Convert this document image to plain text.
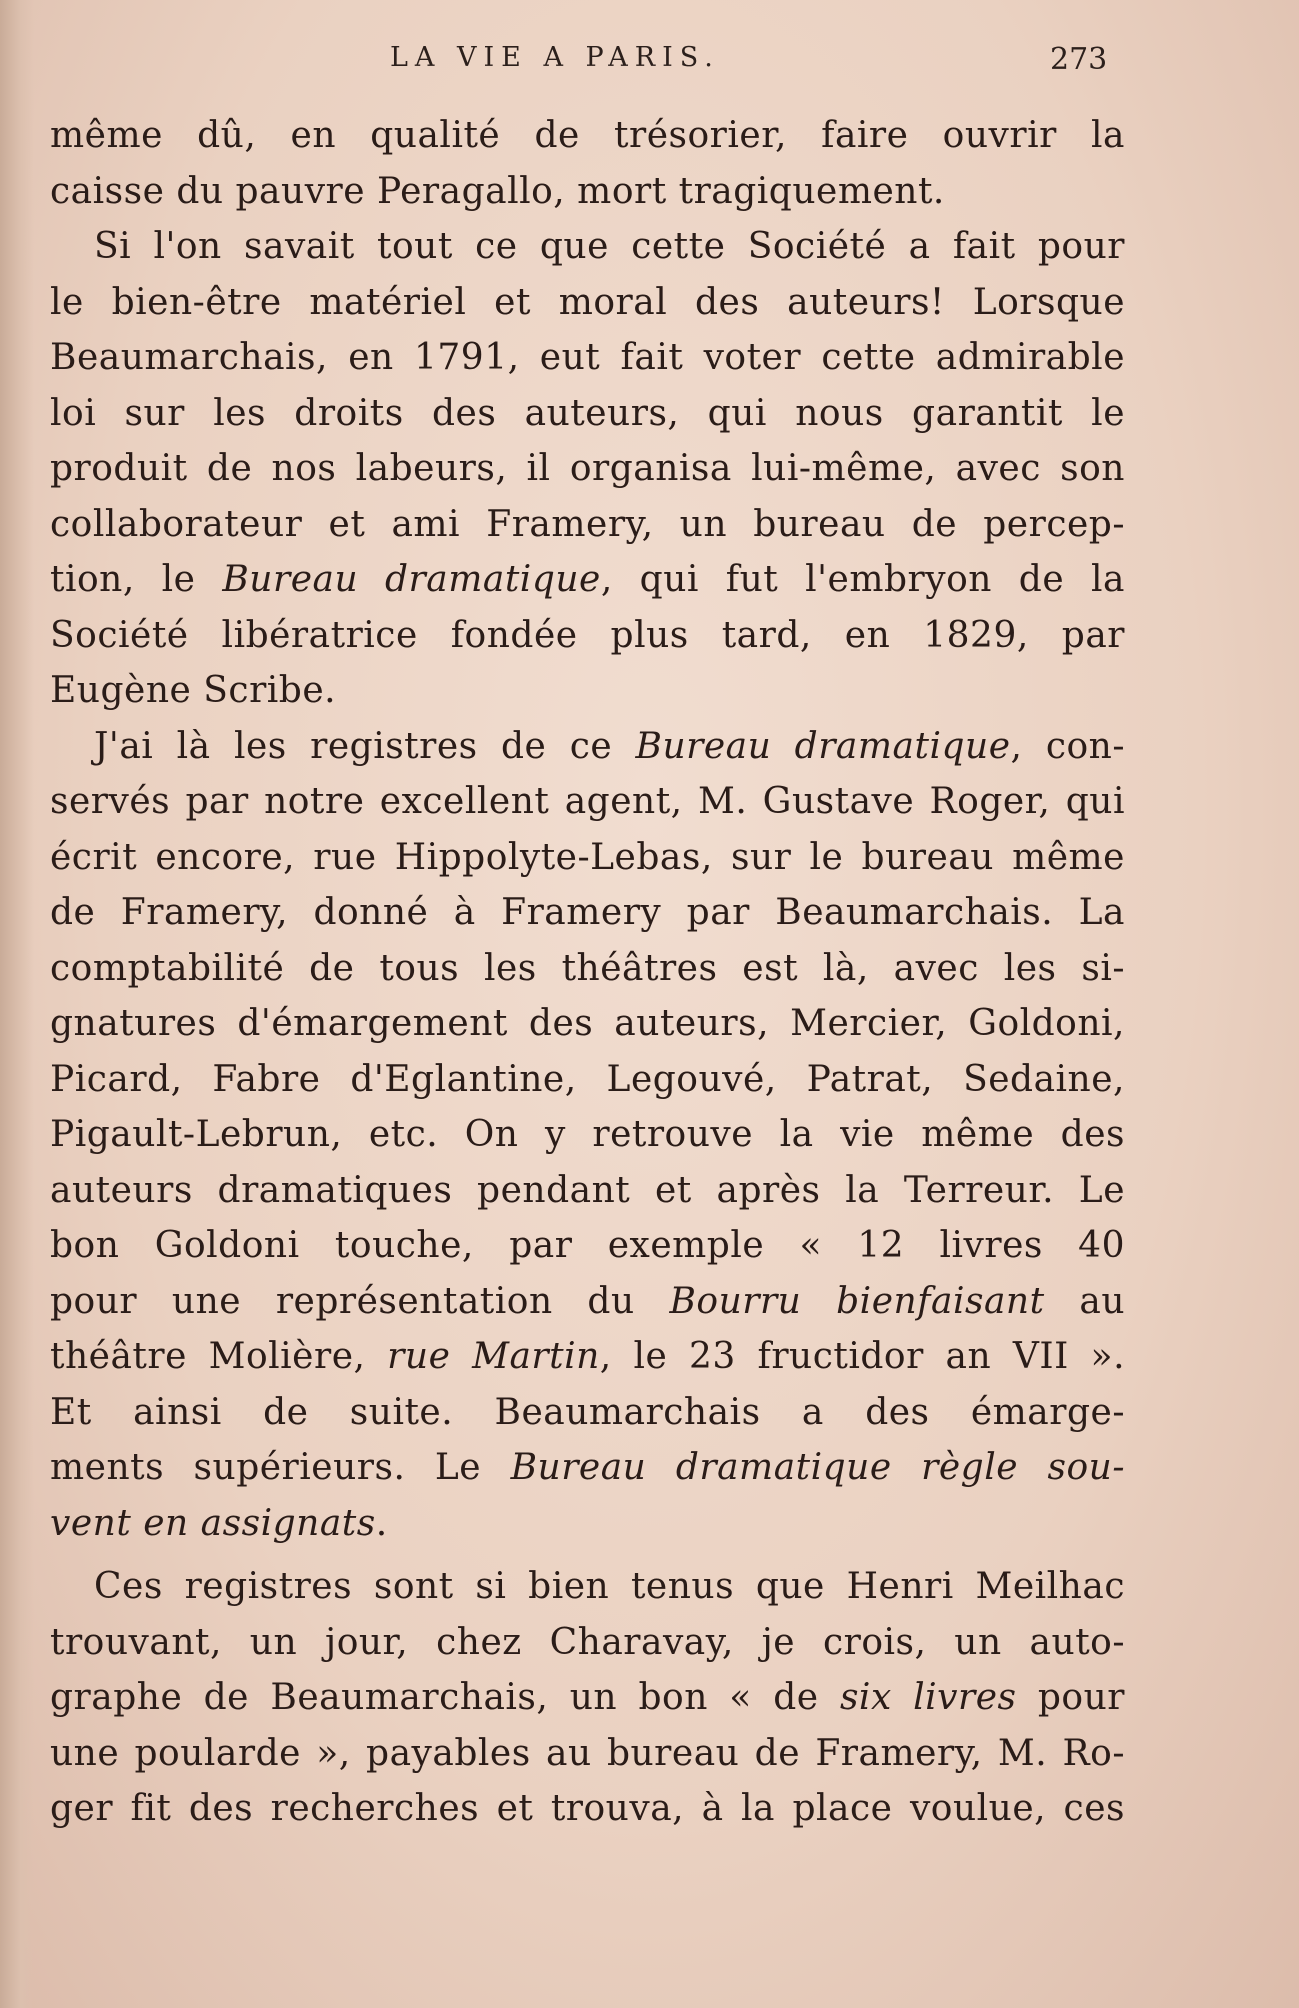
LA VIE A PARIS.	273
même dû, en qualité de trésorier, faire ouvrir la
caisse du pauvre Peragallo, mort tragiquement.
Si l'on savait tout ce que cette Société a fait pour
le bien-être matériel et moral des auteurs! Lorsque
Beaumarchais, en 1791, eut fait voter cette admirable
loi sur les droits des auteurs, qui nous garantit le
produit de nos labeurs, il organisa lui-même, avec son
collaborateur et ami Framery, un bureau de percep-
tion, le Bureau dramatique, qui fut l'embryon de la
Société libératrice fondée plus tard, en 1829, par
Eugène Scribe.
J'ai là les registres de ce Bureau dramatique, con-
servés par notre excellent agent, M. Gustave Roger, qui
écrit encore, rue Hippolyte-Lebas, sur le bureau même
de Framery, donné à Framery par Beaumarchais. La
comptabilité de tous les théâtres est là, avec les si-
gnatures d'émargement des auteurs, Mercier, Goldoni,
Picard, Fabre d'Eglantine, Legouvé, Patrat, Sedaine,
Pigault-Lebrun, etc. On y retrouve la vie même des
auteurs dramatiques pendant et après la Terreur. Le
bon Goldoni touche, par exemple « 12 livres 40
pour une représentation du Bourru bienfaisant au
théâtre Molière, rue Martin, le 23 fructidor an VII ».
Et ainsi de suite. Beaumarchais a des émarge-
ments supérieurs. Le Bureau dramatique règle sou-
vent en assignats.
Ces registres sont si bien tenus que Henri Meilhac
trouvant, un jour, chez Charavay, je crois, un auto-
graphe de Beaumarchais, un bon « de six livres pour
une poularde », payables au bureau de Framery, M. Ro-
ger fit des recherches et trouva, à la place voulue, ces
